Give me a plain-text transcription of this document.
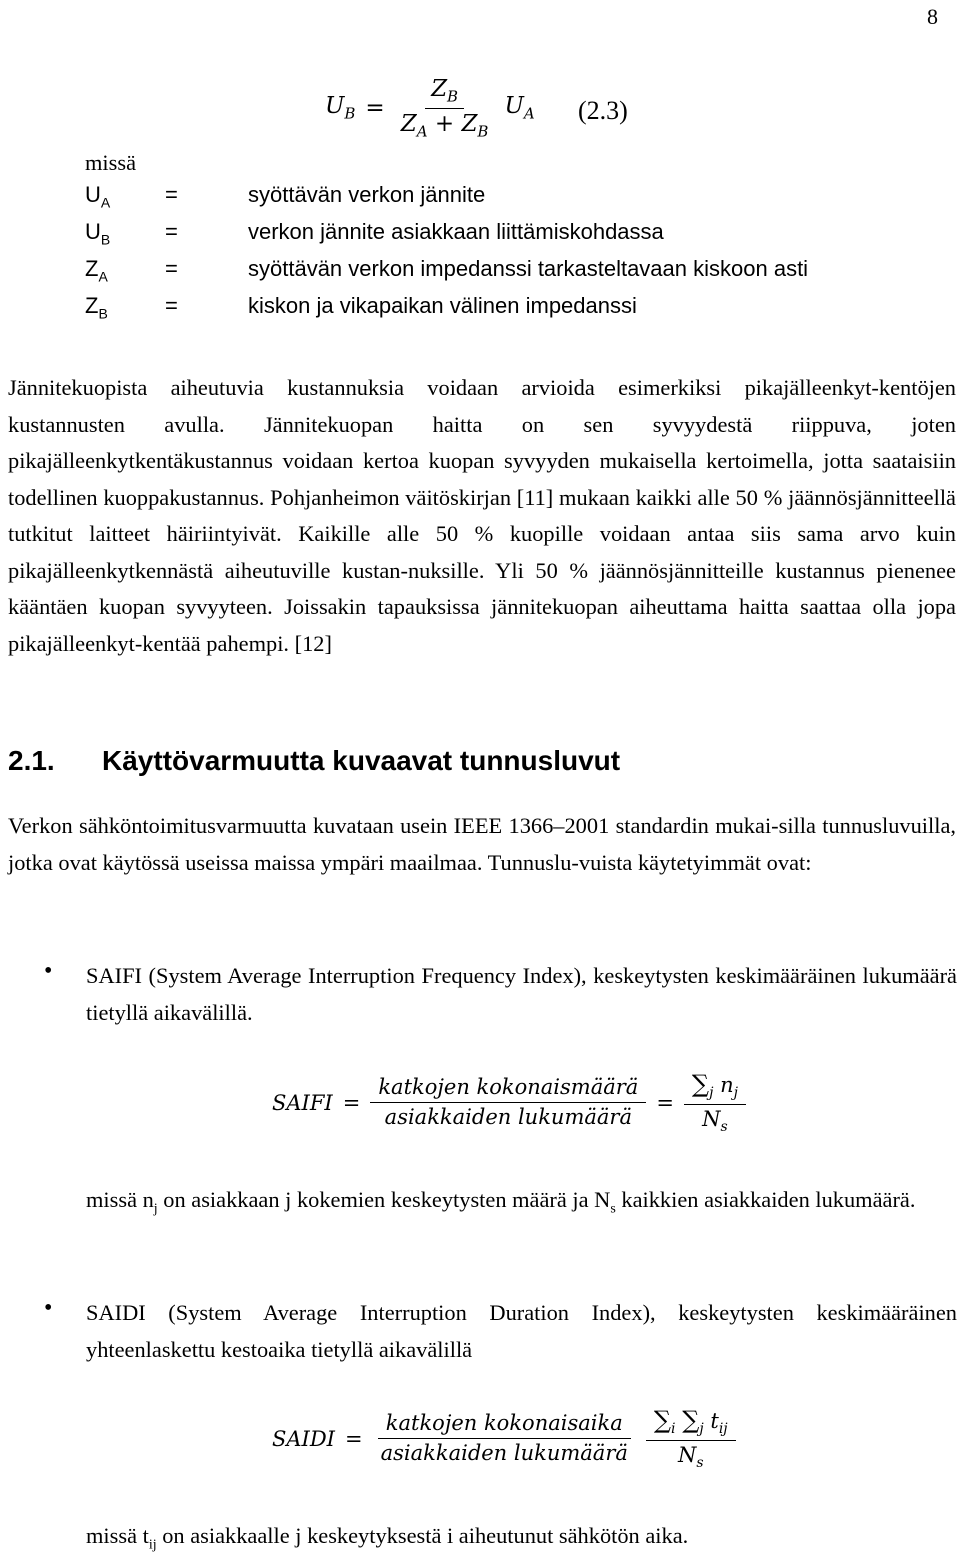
8
$U_B = \frac{Z_B}{Z_A + Z_B} U_A$ (2.3)
missä
$U_A$	=	syöttävän verkon jännite
$U_B$	=	verkon jännite asiakkaan liittämiskohdassa
$Z_A$	=	syöttävän verkon impedanssi tarkasteltavaan kiskoon asti
$Z_B$	=	kiskon ja vikapaikan välinen impedanssi

Jännitekuopista aiheutuvia kustannuksia voidaan arvioida esimerkiksi pikajälleenkyt-kentöjen kustannusten avulla. Jännitekuopan haitta on sen syvyydestä riippuva, joten pikajälleenkytkentäkustannus voidaan kertoa kuopan syvyyden mukaisella kertoimella, jotta saataisiin todellinen kuoppakustannus. Pohjanheimon väitöskirjan [11] mukaan kaikki alle 50 % jäännösjännitteellä tutkitut laitteet häiriintyivät. Kaikille alle 50 % kuopille voidaan antaa siis sama arvo kuin pikajälleenkytkennästä aiheutuville kustan-nuksille. Yli 50 % jäännösjännitteille kustannus pienenee kääntäen kuopan syvyyteen. Joissakin tapauksissa jännitekuopan aiheuttama haitta saattaa olla jopa pikajälleenkyt-kentää pahempi. [12]

2.1. Käyttövarmuutta kuvaavat tunnusluvut

Verkon sähköntoimitusvarmuutta kuvataan usein IEEE 1366–2001 standardin mukai-silla tunnusluvuilla, jotka ovat käytössä useissa maissa ympäri maailmaa. Tunnuslu-vuista käytetyimmät ovat:

• SAIFI (System Average Interruption Frequency Index), keskeytysten keskimääräinen lukumäärä tietyllä aikavälillä.
SAIFI = $\frac{\text{katkojen kokonaismäärä}}{\text{asiakkaiden lukumäärä}} = \frac{\sum_j n_j}{N_s}$
missä $n_j$ on asiakkaan j kokemien keskeytysten määrä ja $N_s$ kaikkien asiakkaiden lukumäärä.
• SAIDI (System Average Interruption Duration Index), keskeytysten keskimääräinen yhteenlaskettu kestoaika tietyllä aikavälillä
SAIDI = $\frac{\text{katkojen kokonaisaika}}{\text{asiakkaiden lukumäärä}} \frac{\sum_i \sum_j t_{ij}}{N_s}$
missä $t_{ij}$ on asiakkaalle j keskeytyksestä i aiheutunut sähkötön aika.
